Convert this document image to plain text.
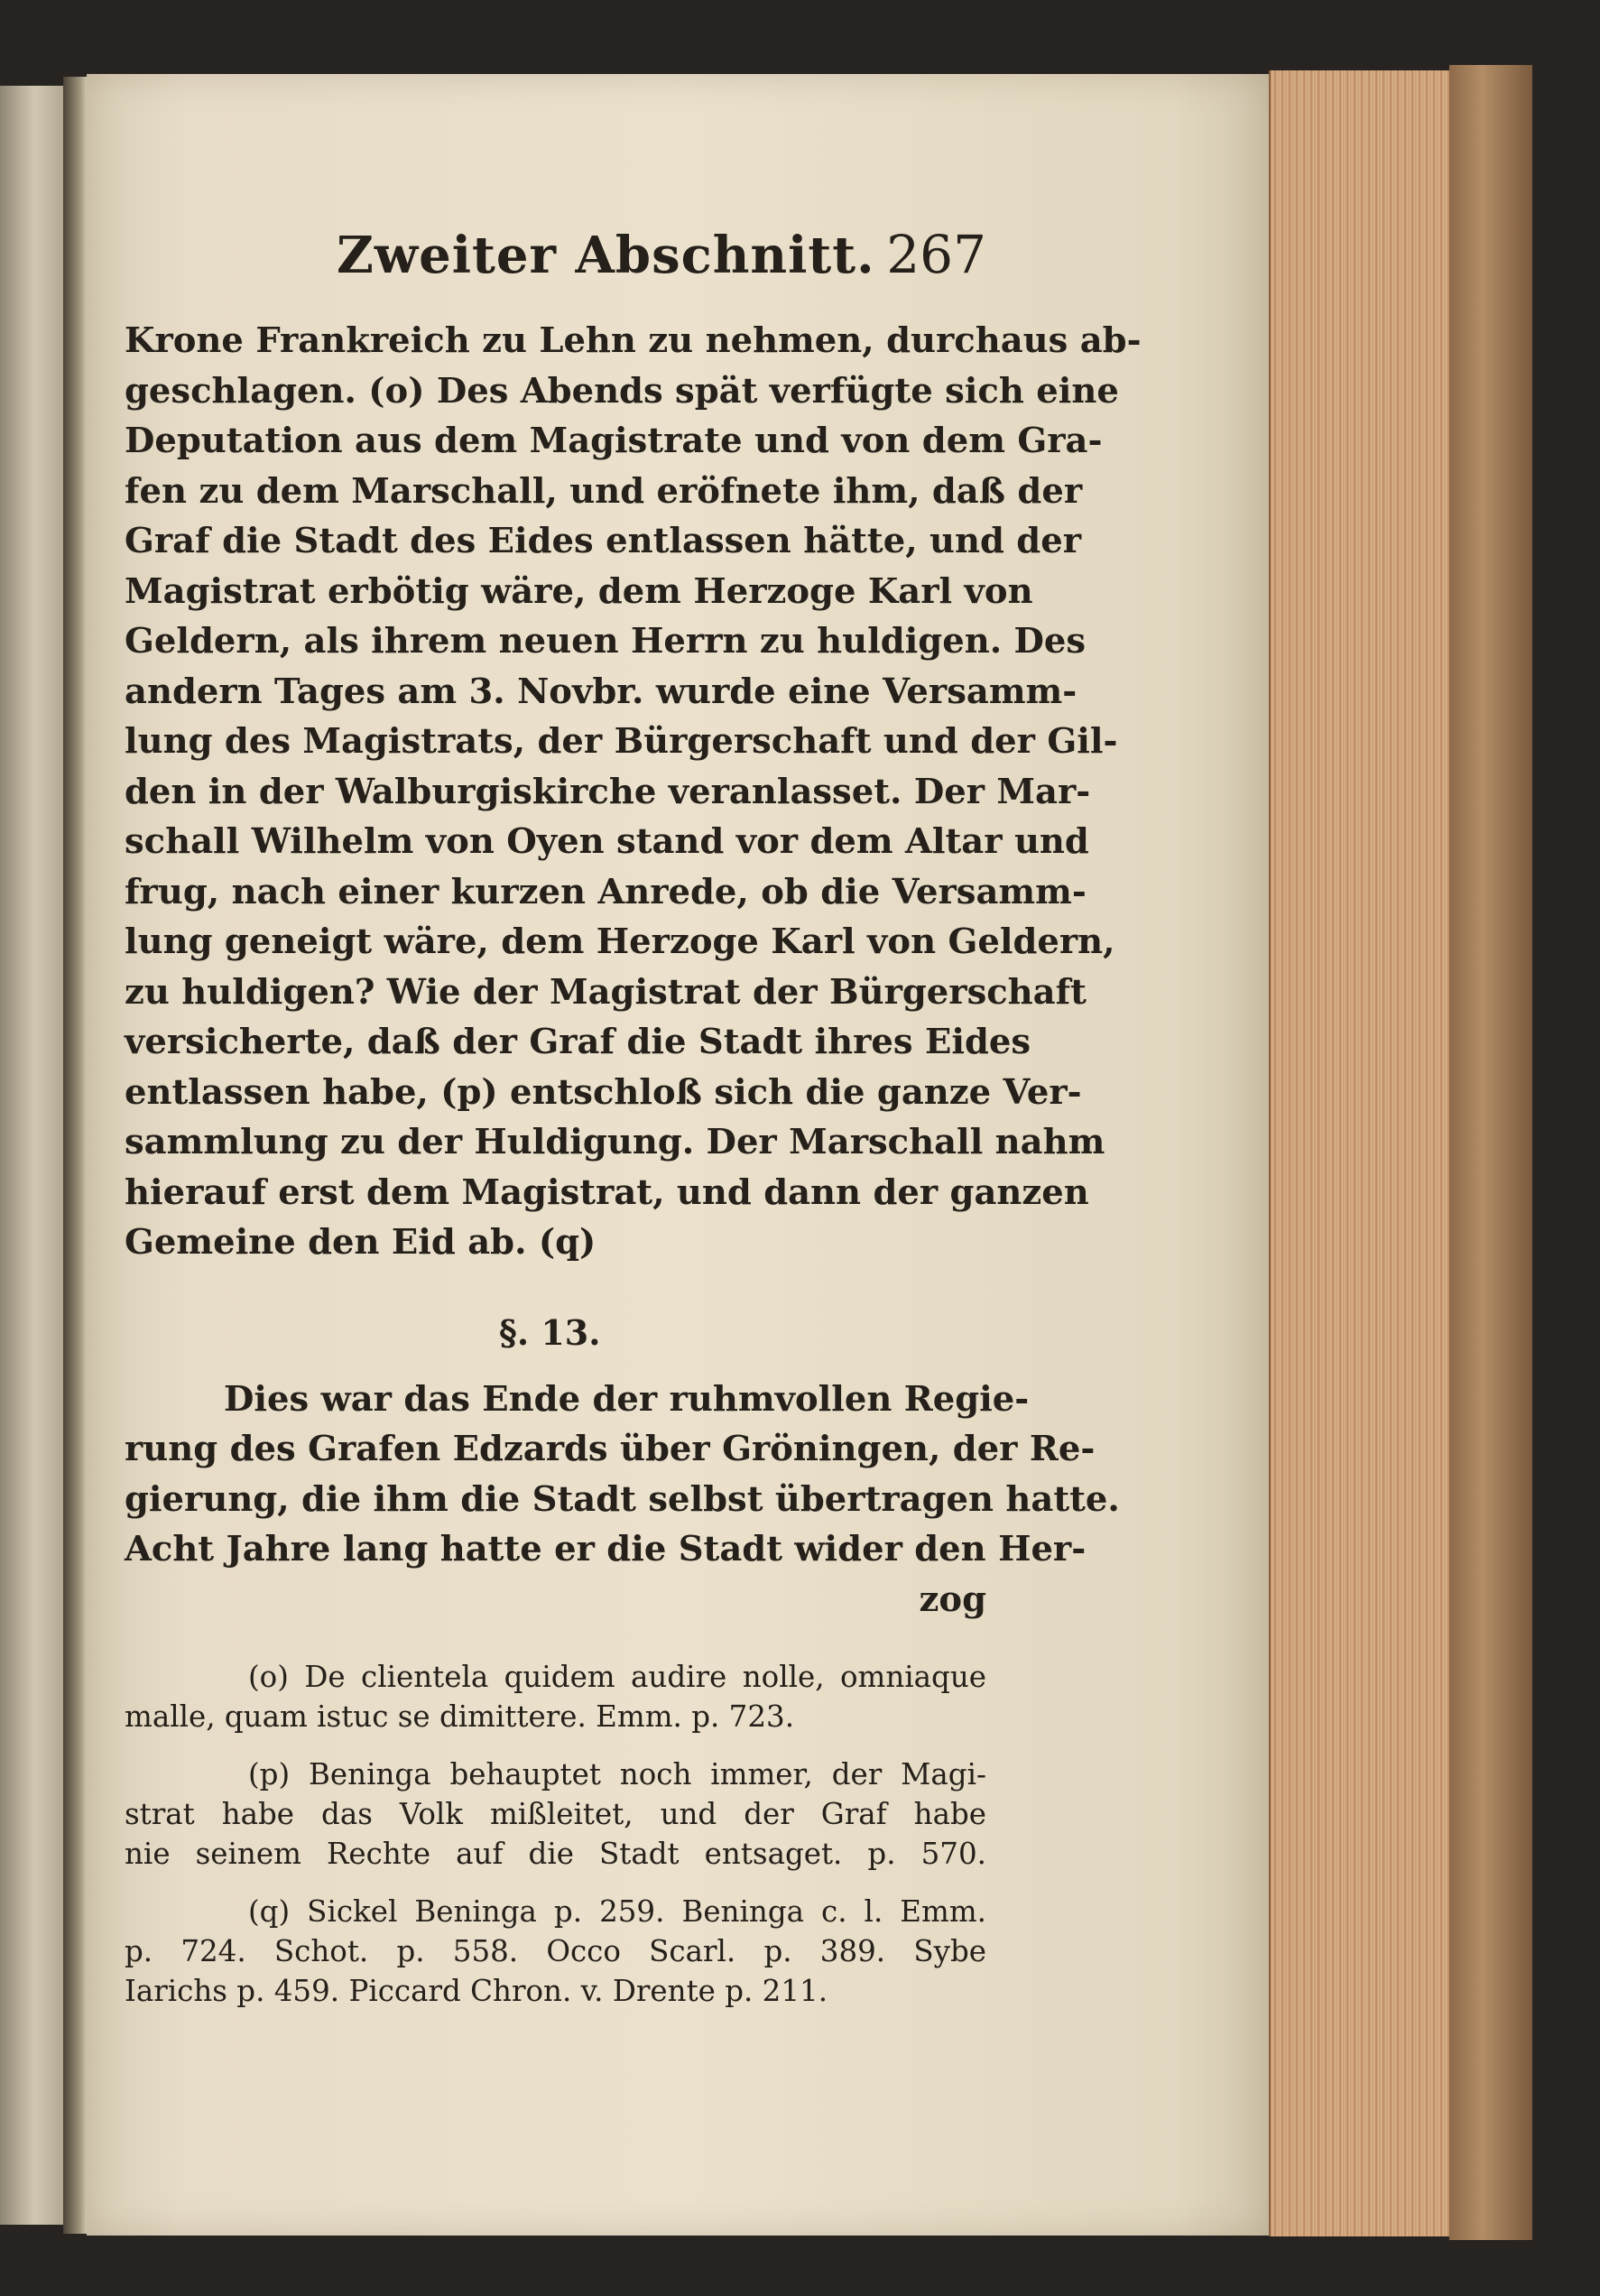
Zweiter Abschnitt. 267
Krone Frankreich zu Lehn zu nehmen, durchaus ab-
geschlagen. (o) Des Abends spät verfügte sich eine
Deputation aus dem Magistrate und von dem Gra-
fen zu dem Marschall, und eröfnete ihm, daß der
Graf die Stadt des Eides entlassen hätte, und der
Magistrat erbötig wäre, dem Herzoge Karl von
Geldern, als ihrem neuen Herrn zu huldigen. Des
andern Tages am 3. Novbr. wurde eine Versamm-
lung des Magistrats, der Bürgerschaft und der Gil-
den in der Walburgiskirche veranlasset. Der Mar-
schall Wilhelm von Oyen stand vor dem Altar und
frug, nach einer kurzen Anrede, ob die Versamm-
lung geneigt wäre, dem Herzoge Karl von Geldern,
zu huldigen? Wie der Magistrat der Bürgerschaft
versicherte, daß der Graf die Stadt ihres Eides
entlassen habe, (p) entschloß sich die ganze Ver-
sammlung zu der Huldigung. Der Marschall nahm
hierauf erst dem Magistrat, und dann der ganzen
Gemeine den Eid ab. (q)
§. 13.
Dies war das Ende der ruhmvollen Regie-
rung des Grafen Edzards über Gröningen, der Re-
gierung, die ihm die Stadt selbst übertragen hatte.
Acht Jahre lang hatte er die Stadt wider den Her-
zog
(o) De clientela quidem audire nolle, omniaque
malle, quam istuc se dimittere. Emm. p. 723.
(p) Beninga behauptet noch immer, der Magi-
strat habe das Volk mißleitet, und der Graf habe
nie seinem Rechte auf die Stadt entsaget. p. 570.
(q) Sickel Beninga p. 259. Beninga c. l. Emm.
p. 724. Schot. p. 558. Occo Scarl. p. 389. Sybe
Iarichs p. 459. Piccard Chron. v. Drente p. 211.
